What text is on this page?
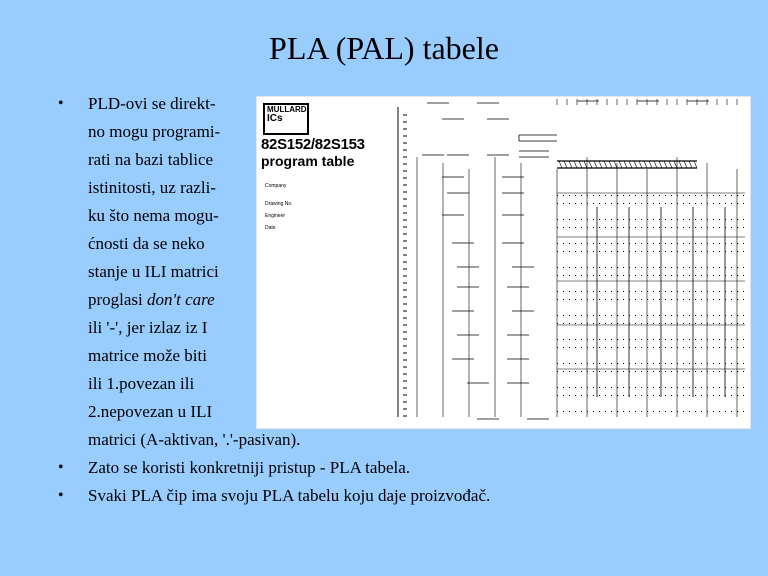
PLA (PAL) tabele
• PLD-ovi se direkt-
no mogu programi-
rati na bazi tablice
istinitosti, uz razli-
ku što nema mogu-
ćnosti da se neko
stanje u ILI matrici
proglasi don't care
ili '-', jer izlaz iz I
matrice može biti
ili 1.povezan ili
2.nepovezan u ILI
matrici (A-aktivan, '.'-pasivan).
• Zato se koristi konkretniji pristup - PLA tabela.
• Svaki PLA čip ima svoju PLA tabelu koju daje proizvođač.
MULLARD
ICs
82S152/82S153
program table
Company
Drawing No.
Engineer
Date
